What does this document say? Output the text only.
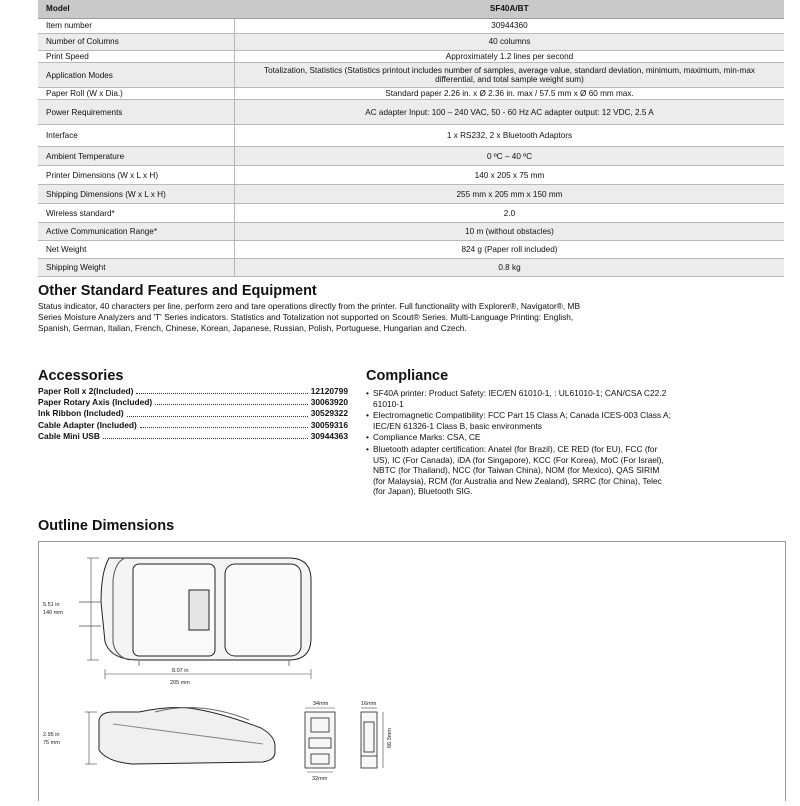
Model	SF40A/BT
Item number	30944360
Number of Columns	40 columns
Print Speed	Approximately 1.2 lines per second
Application Modes	Totalization, Statistics (Statistics printout includes number of samples, average value, standard deviation, minimum, maximum, min-max differential, and total sample weight sum)
Paper Roll (W x Dia.)	Standard paper 2.26 in. x Ø 2.36 in. max / 57.5 mm x Ø 60 mm max.
Power Requirements	AC adapter Input: 100 – 240 VAC, 50 - 60 Hz AC adapter output: 12 VDC, 2.5 A
Interface	1 x RS232, 2 x Bluetooth Adaptors
Ambient Temperature	0 ºC – 40 ºC
Printer Dimensions (W x L x H)	140 x 205 x 75 mm
Shipping Dimensions (W x L x H)	255 mm x 205 mm x 150 mm
Wireless standard*	2.0
Active Communication Range*	10 m (without obstacles)
Net Weight	824 g (Paper roll included)
Shipping Weight	0.8 kg
Other Standard Features and Equipment

Status indicator, 40 characters per line, perform zero and tare operations directly from the printer. Full functionality with Explorer®, Navigator®, MB Series Moisture Analyzers and 'T' Series indicators. Statistics and Totalization not supported on Scout® Series. Multi-Language Printing: English, Spanish, German, Italian, French, Chinese, Korean, Japanese, Russian, Polish, Portuguese, Hungarian and Czech.

Accessories
Paper Roll x 2(Included)	12120799
Paper Rotary Axis (Included)	30063920
Ink Ribbon (Included)	30529322
Cable Adapter (Included)	30059316
Cable Mini USB	30944363
Compliance
• SF40A printer: Product Safety: IEC/EN 61010-1, : UL61010-1; CAN/CSA C22.2 61010-1
• Electromagnetic Compatibility: FCC Part 15 Class A; Canada ICES-003 Class A; IEC/EN 61326-1 Class B, basic environments
• Compliance Marks: CSA, CE
• Bluetooth adapter certification: Anatel (for Brazil), CE RED (for EU), FCC (for US), IC (For Canada), iDA (for Singapore), KCC (For Korea), MoC (For Israel), NBTC (for Thailand), NCC (for Taiwan China), NOM (for Mexico), QAS SIRIM (for Malaysia), RCM (for Australia and New Zealand), SRRC (for China), Telec (for Japan), Bluetooth SIG.
Outline Dimensions
5.51 in
140 mm
8.07 in
205 mm
2.95 in
75 mm
34mm
32mm
16mm
66.3mm
